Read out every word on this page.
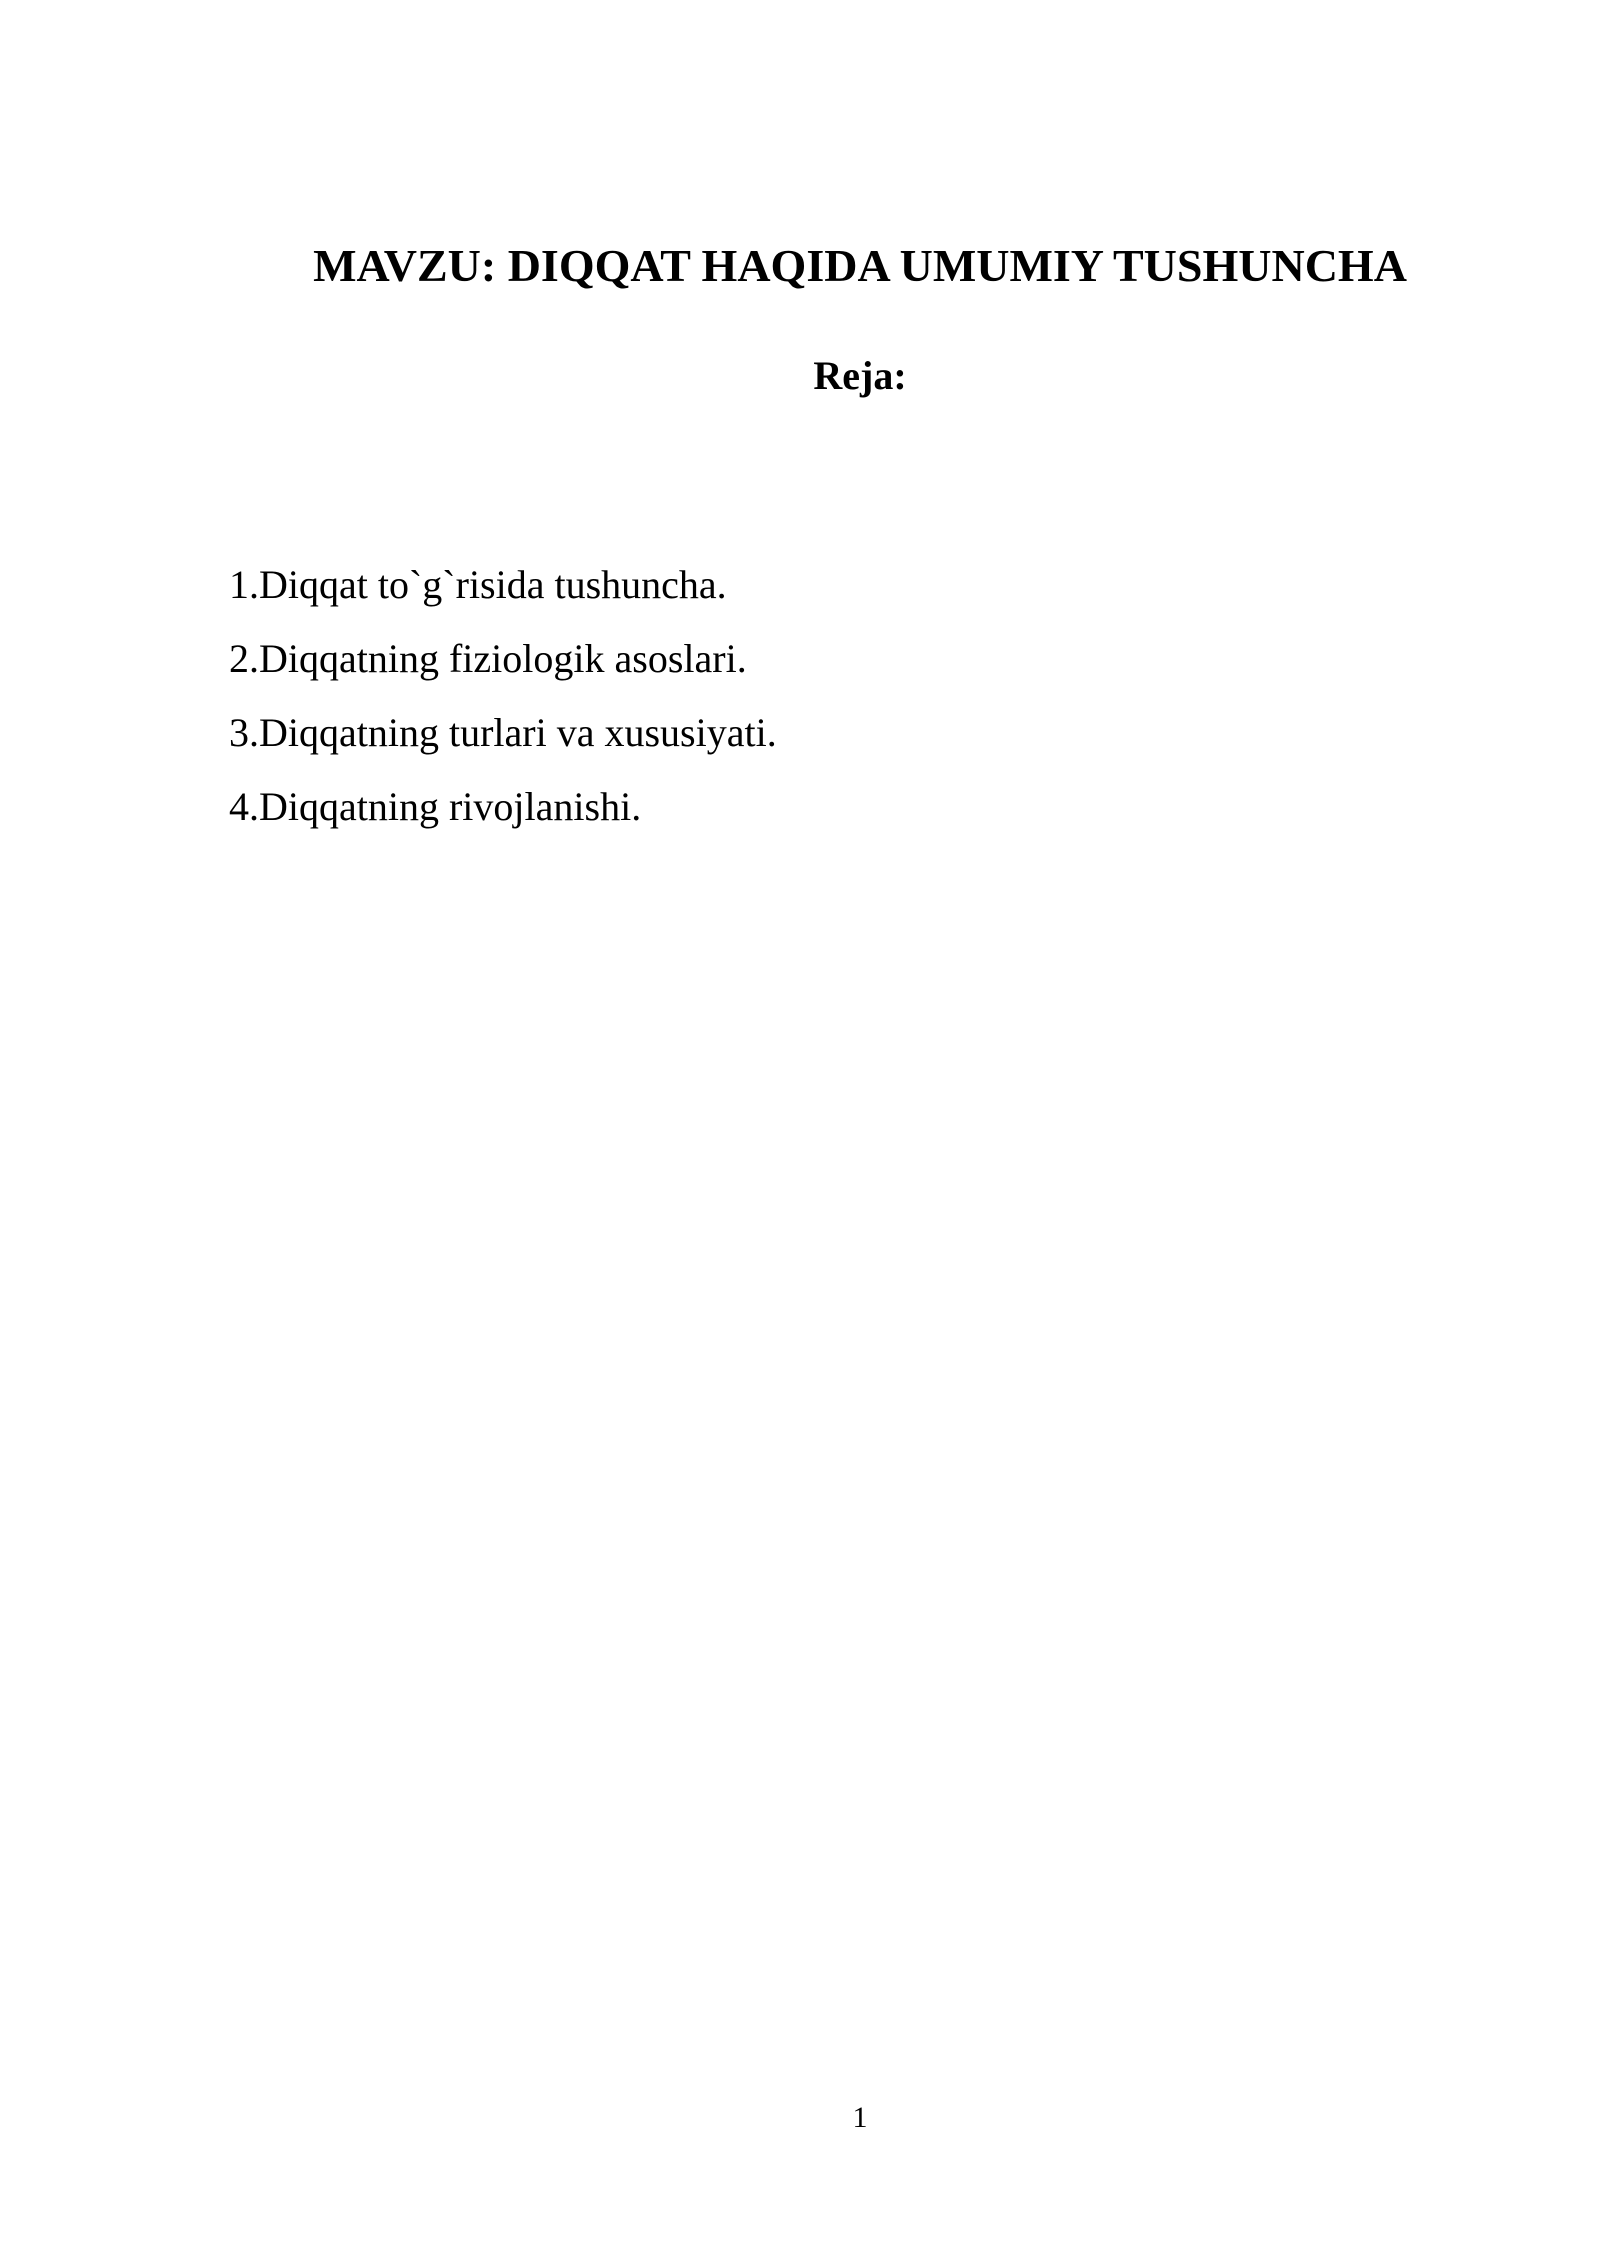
MAVZU: DIQQAT HAQIDA UMUMIY TUSHUNCHA
Reja:
1.Diqqat to`g`risida tushuncha.
2.Diqqatning fiziologik asoslari.
3.Diqqatning turlari va xususiyati.
4.Diqqatning rivojlanishi.
1
